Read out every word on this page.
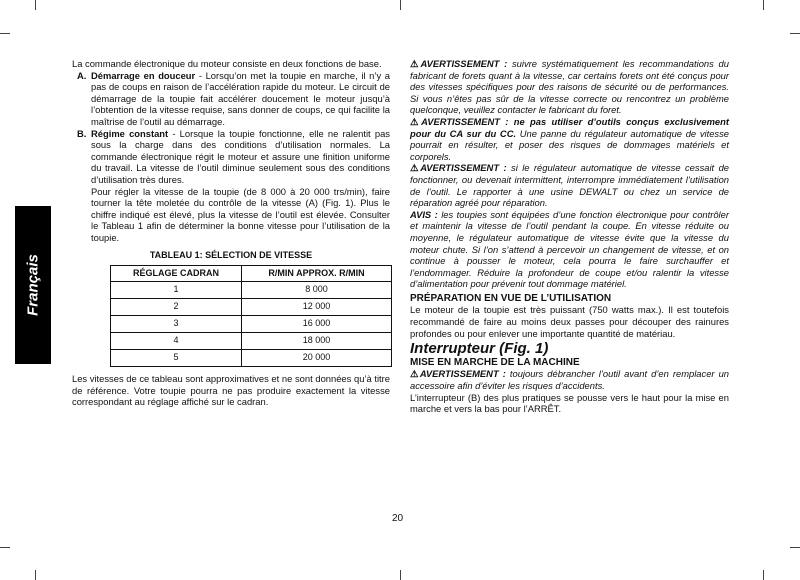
Français

La commande électronique du moteur consiste en deux fonctions de base.

A. Démarrage en douceur - Lorsqu’on met la toupie en marche, il n’y a pas de coups en raison de l’accélération rapide du moteur. Le circuit de démarrage de la toupie fait accélérer doucement le moteur jusqu’à l’obtention de la vitesse requise, sans donner de coups, ce qui facilite la maîtrise de l’outil au démarrage.

B. Régime constant - Lorsque la toupie fonctionne, elle ne ralentit pas sous la charge dans des conditions d’utilisation normales. La commande électronique régit le moteur et assure une finition uniforme du travail. La vitesse de l’outil diminue seulement sous des conditions d’utilisation très dures.

Pour régler la vitesse de la toupie (de 8 000 à 20 000 trs/min), faire tourner la tête moletée du contrôle de la vitesse (A) (Fig. 1). Plus le chiffre indiqué est élevé, plus la vitesse de l’outil est élevée. Consulter le Tableau 1 afin de déterminer la bonne vitesse pour l’utilisation de la toupie.

TABLEAU 1: SÉLECTION DE VITESSE
RÉGLAGE CADRAN	R/MIN APPROX. R/MIN
1	8 000
2	12 000
3	16 000
4	18 000
5	20 000

Les vitesses de ce tableau sont approximatives et ne sont données qu’à titre de référence. Votre toupie pourra ne pas produire exactement la vitesse correspondant au réglage affiché sur le cadran.

⚠AVERTISSEMENT : suivre systématiquement les recommandations du fabricant de forets quant à la vitesse, car certains forets ont été conçus pour des vitesses spécifiques pour des raisons de sécurité ou de performances. Si vous n’êtes pas sûr de la vitesse correcte ou rencontrez un problème quelconque, veuillez contacter le fabricant du foret.

⚠AVERTISSEMENT : ne pas utiliser d’outils conçus exclusivement pour du CA sur du CC. Une panne du régulateur automatique de vitesse pourrait en résulter, et poser des risques de dommages matériels et corporels.

⚠AVERTISSEMENT : si le régulateur automatique de vitesse cessait de fonctionner, ou devenait intermittent, interrompre immédiatement l’utilisation de l’outil. Le rapporter à une usine DEWALT ou chez un service de réparation agréé pour réparation.

AVIS : les toupies sont équipées d’une fonction électronique pour contrôler et maintenir la vitesse de l’outil pendant la coupe. En vitesse réduite ou moyenne, le régulateur automatique de vitesse évite que la vitesse du moteur chute. Si l’on s’attend à percevoir un changement de vitesse, et on continue à pousser le moteur, cela pourra le faire surchauffer et l’endommager. Réduire la profondeur de coupe et/ou ralentir la vitesse d’alimentation pour prévenir tout dommage matériel.

PRÉPARATION EN VUE DE L’UTILISATION

Le moteur de la toupie est très puissant (750 watts max.). Il est toutefois recommandé de faire au moins deux passes pour découper des rainures profondes ou pour enlever une importante quantité de matériau.

Interrupteur (Fig. 1)
MISE EN MARCHE DE LA MACHINE

⚠AVERTISSEMENT : toujours débrancher l’outil avant d’en remplacer un accessoire afin d’éviter les risques d’accidents.

L’interrupteur (B) des plus pratiques se pousse vers le haut pour la mise en marche et vers la bas pour l’ARRÊT.

20
